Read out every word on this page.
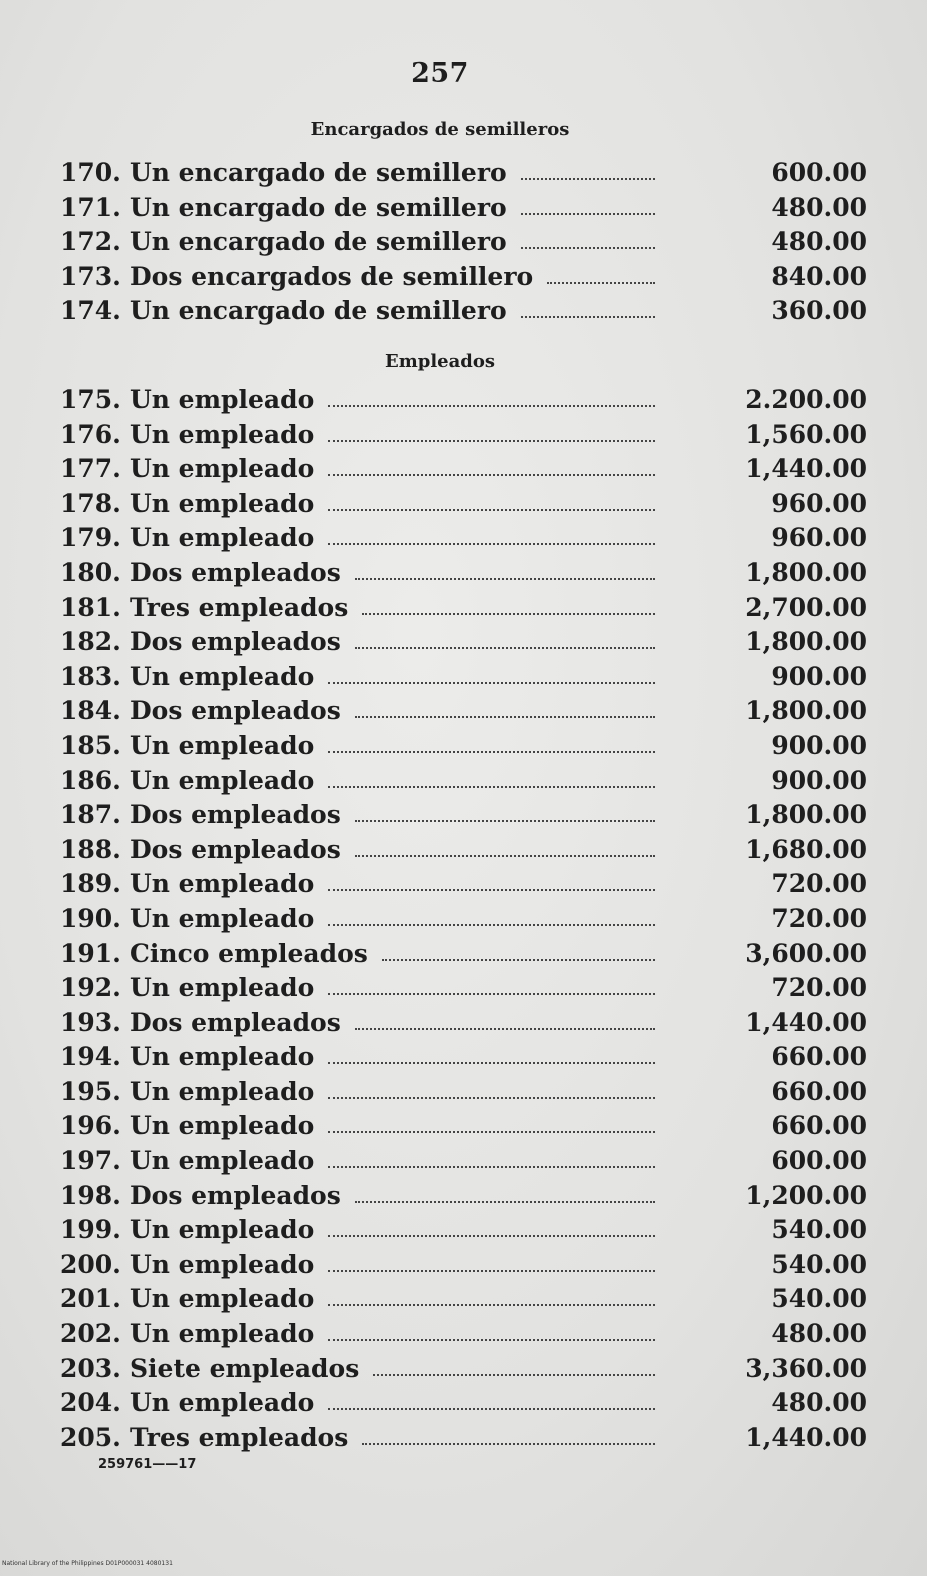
257
Encargados de semilleros
170. Un encargado de semillero	600.00
171. Un encargado de semillero	480.00
172. Un encargado de semillero	480.00
173. Dos encargados de semillero	840.00
174. Un encargado de semillero	360.00
Empleados
175. Un empleado	2.200.00
176. Un empleado	1,560.00
177. Un empleado	1,440.00
178. Un empleado	960.00
179. Un empleado	960.00
180. Dos empleados	1,800.00
181. Tres empleados	2,700.00
182. Dos empleados	1,800.00
183. Un empleado	900.00
184. Dos empleados	1,800.00
185. Un empleado	900.00
186. Un empleado	900.00
187. Dos empleados	1,800.00
188. Dos empleados	1,680.00
189. Un empleado	720.00
190. Un empleado	720.00
191. Cinco empleados	3,600.00
192. Un empleado	720.00
193. Dos empleados	1,440.00
194. Un empleado	660.00
195. Un empleado	660.00
196. Un empleado	660.00
197. Un empleado	600.00
198. Dos empleados	1,200.00
199. Un empleado	540.00
200. Un empleado	540.00
201. Un empleado	540.00
202. Un empleado	480.00
203. Siete empleados	3,360.00
204. Un empleado	480.00
205. Tres empleados	1,440.00
259761——17
National Library of the Philippines D01P000031 4080131
